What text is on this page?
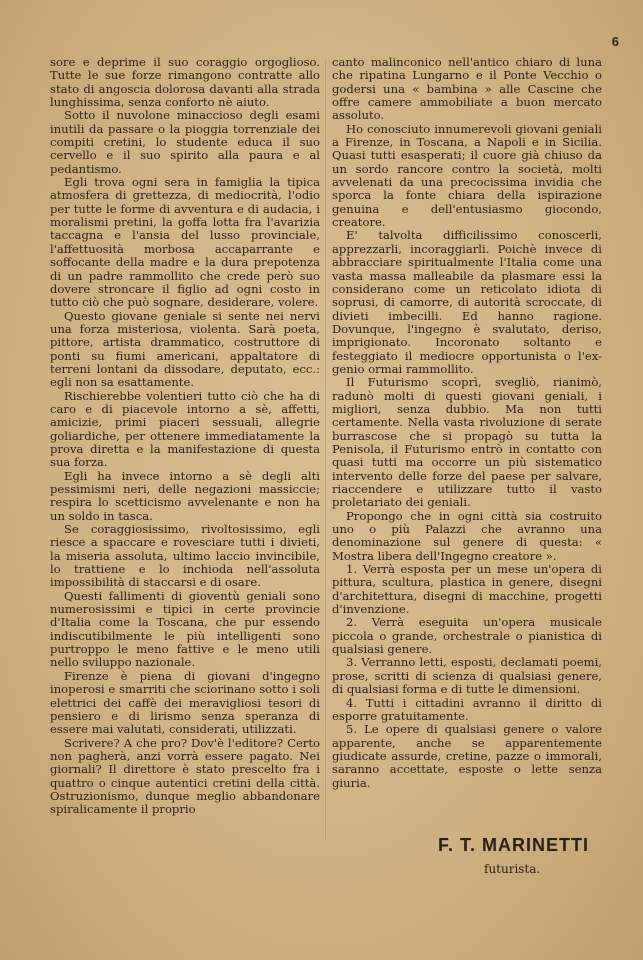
6

sore e deprime il suo coraggio orgoglioso. Tutte le sue forze rimangono contratte allo stato di angoscia dolorosa davanti alla strada lunghissima, senza conforto nè aiuto.

Sotto il nuvolone minaccioso degli esami inutili da passare o la pioggia torrenziale dei compiti cretini, lo studente educa il suo cervello e il suo spirito alla paura e al pedantismo.

Egli trova ogni sera in famiglia la tipica atmosfera di grettezza, di mediocrità, l'odio per tutte le forme di avventura e di audacia, i moralismi pretini, la goffa lotta fra l'avarizia taccagna e l'ansia del lusso provinciale, l'affettuosità morbosa accaparrante e soffocante della madre e la dura prepotenza di un padre rammollito che crede però suo dovere stroncare il figlio ad ogni costo in tutto ciò che può sognare, desiderare, volere.

Questo giovane geniale si sente nei nervi una forza misteriosa, violenta. Sarà poeta, pittore, artista drammatico, costruttore di ponti su fiumi americani, appaltatore di terreni lontani da dissodare, deputato, ecc.: egli non sa esattamente.

Rischierebbe volentieri tutto ciò che ha di caro e di piacevole intorno a sè, affetti, amicizie, primi piaceri sessuali, allegrie goliardiche, per ottenere immediatamente la prova diretta e la manifestazione di questa sua forza.

Egli ha invece intorno a sè degli alti pessimismi neri, delle negazioni massiccie; respira lo scetticismo avvelenante e non ha un soldo in tasca.

Se coraggiosissimo, rivoltosissimo, egli riesce a spaccare e rovesciare tutti i divieti, la miseria assoluta, ultimo laccio invincibile, lo trattiene e lo inchioda nell'assoluta impossibilità di staccarsi e di osare.

Questi fallimenti di gioventù geniali sono numerosissimi e tipici in certe provincie d'Italia come la Toscana, che pur essendo indiscutibilmente le più intelligenti sono purtroppo le meno fattive e le meno utili nello sviluppo nazionale.

Firenze è piena di giovani d'ingegno inoperosi e smarriti che sciorinano sotto i soli elettrici dei caffè dei meravigliosi tesori di pensiero e di lirismo senza speranza di essere mai valutati, considerati, utilizzati.

Scrivere? A che pro? Dov'è l'editore? Certo non pagherà, anzi vorrà essere pagato. Nei giornali? Il direttore è stato prescelto fra i quattro o cinque autentici cretini della città. Ostruzionismo, dunque meglio abbandonare spiralicamente il proprio

canto malinconico nell'antico chiaro di luna che ripatina Lungarno e il Ponte Vecchio o godersi una « bambina » alle Cascine che offre camere ammobiliate a buon mercato assoluto.

Ho conosciuto innumerevoli giovani geniali a Firenze, in Toscana, a Napoli e in Sicilia. Quasi tutti esasperati; il cuore già chiuso da un sordo rancore contro la società, molti avvelenati da una precocissima invidia che sporca la fonte chiara della ispirazione genuina e dell'entusiasmo giocondo, creatore.

E' talvolta difficilissimo conoscerli, apprezzarli, incoraggiarli. Poichè invece di abbracciare spiritualmente l'Italia come una vasta massa malleabile da plasmare essi la considerano come un reticolato idiota di soprusi, di camorre, di autorità scroccate, di divieti imbecilli. Ed hanno ragione. Dovunque, l'ingegno è svalutato, deriso, imprigionato. Incoronato soltanto e festeggiato il mediocre opportunista o l'ex-genio ormai rammollito.

Il Futurismo scoprì, svegliò, rianimò, radunò molti di questi giovani geniali, i migliori, senza dubbio. Ma non tutti certamente. Nella vasta rivoluzione di serate burrascose che si propagò su tutta la Penisola, il Futurismo entrò in contatto con quasi tutti ma occorre un più sistematico intervento delle forze del paese per salvare, riaccendere e utilizzare tutto il vasto proletariato dei geniali.

Propongo che in ogni città sia costruito uno o più Palazzi che avranno una denominazione sul genere di questa: « Mostra libera dell'Ingegno creatore ».

1. Verrà esposta per un mese un'opera di pittura, scultura, plastica in genere, disegni d'architettura, disegni di macchine, progetti d'invenzione.

2. Verrà eseguita un'opera musicale piccola o grande, orchestrale o pianistica di qualsiasi genere.

3. Verranno letti, esposti, declamati poemi, prose, scritti di scienza di qualsiasi genere, di qualsiasi forma e di tutte le dimensioni.

4. Tutti i cittadini avranno il diritto di esporre gratuitamente.

5. Le opere di qualsiasi genere o valore apparente, anche se apparentemente giudicate assurde, cretine, pazze o immorali, saranno accettate, esposte o lette senza giuria.

F. T. MARINETTI
futurista.
